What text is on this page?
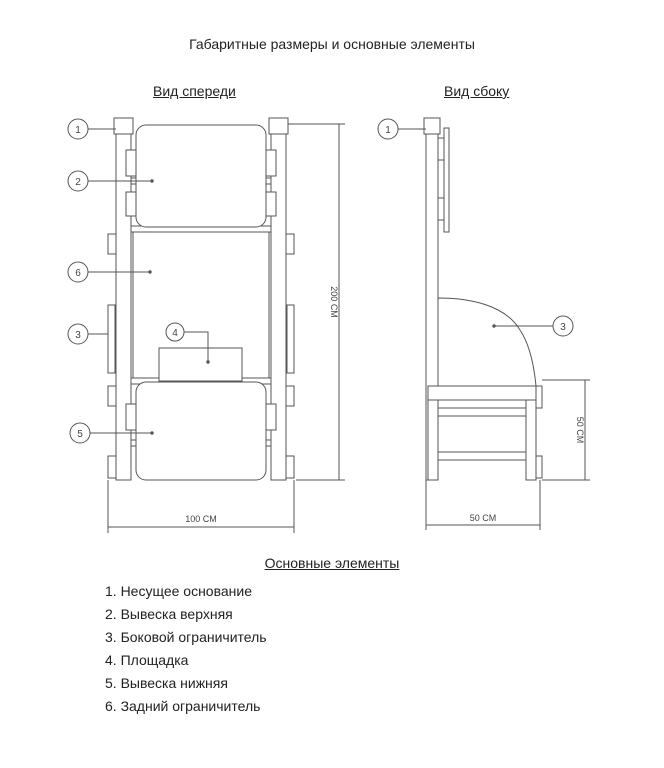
Габаритные размеры и основные элементы
Вид спереди	Вид сбоку
1
2
6
3	4
5
200 СМ
100 СМ
1
3
50 СМ
50 СМ
Основные элементы
1. Несущее основание
2. Вывеска верхняя
3. Боковой ограничитель
4. Площадка
5. Вывеска нижняя
6. Задний ограничитель
